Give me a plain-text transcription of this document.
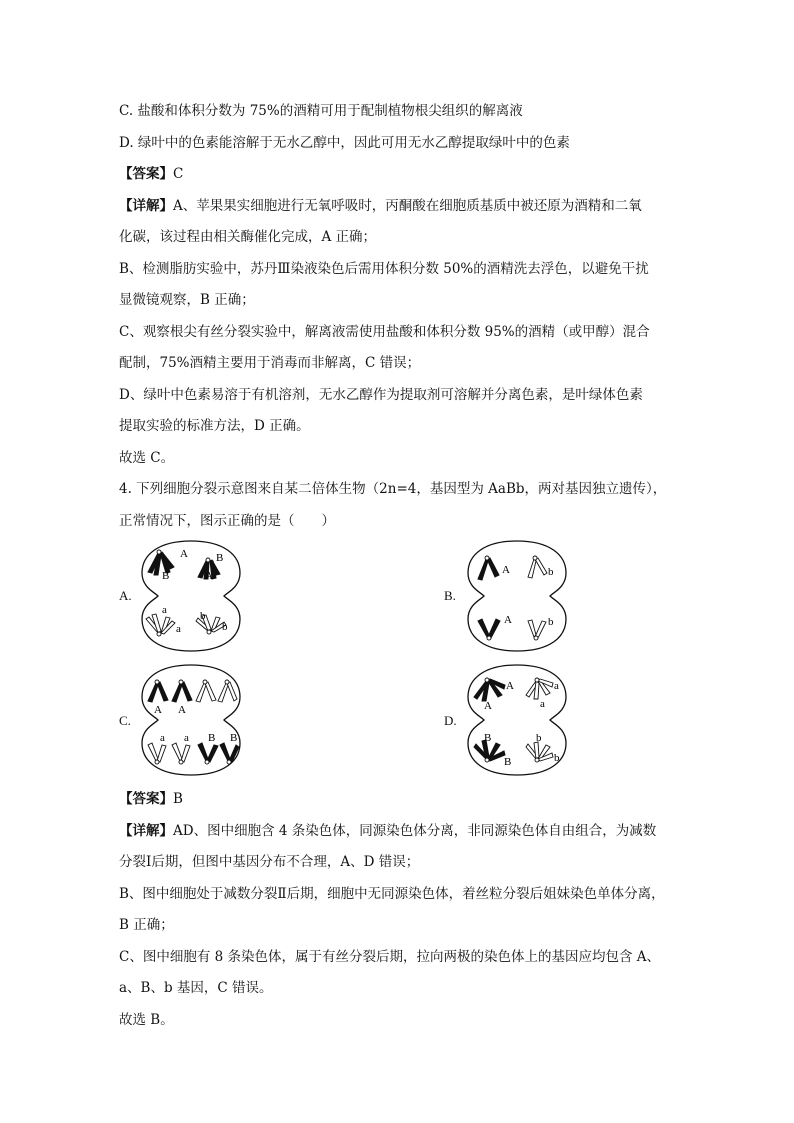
C. 盐酸和体积分数为 75%的酒精可用于配制植物根尖组织的解离液
D. 绿叶中的色素能溶解于无水乙醇中，因此可用无水乙醇提取绿叶中的色素
【答案】C
【详解】A、苹果果实细胞进行无氧呼吸时，丙酮酸在细胞质基质中被还原为酒精和二氧
化碳，该过程由相关酶催化完成，A 正确；
B、检测脂肪实验中，苏丹Ⅲ染液染色后需用体积分数 50%的酒精洗去浮色，以避免干扰
显微镜观察，B 正确；
C、观察根尖有丝分裂实验中，解离液需使用盐酸和体积分数 95%的酒精（或甲醇）混合
配制，75%酒精主要用于消毒而非解离，C 错误；
D、绿叶中色素易溶于有机溶剂，无水乙醇作为提取剂可溶解并分离色素，是叶绿体色素
提取实验的标准方法，D 正确。
故选 C。
4. 下列细胞分裂示意图来自某二倍体生物（2n=4，基因型为 AaBb，两对基因独立遗传），
正常情况下，图示正确的是（　　）
A.	B.
C.	D.
A
B
B
A
a
a
b
b
A	b
A	b
A A
a a B B
A
A
a
a
B
B
b
b
【答案】B
【详解】AD、图中细胞含 4 条染色体，同源染色体分离，非同源染色体自由组合，为减数
分裂Ⅰ后期，但图中基因分布不合理，A、D 错误；
B、图中细胞处于减数分裂Ⅱ后期，细胞中无同源染色体，着丝粒分裂后姐妹染色单体分离，
B 正确；
C、图中细胞有 8 条染色体，属于有丝分裂后期，拉向两极的染色体上的基因应均包含 A、
a、B、b 基因，C 错误。
故选 B。
